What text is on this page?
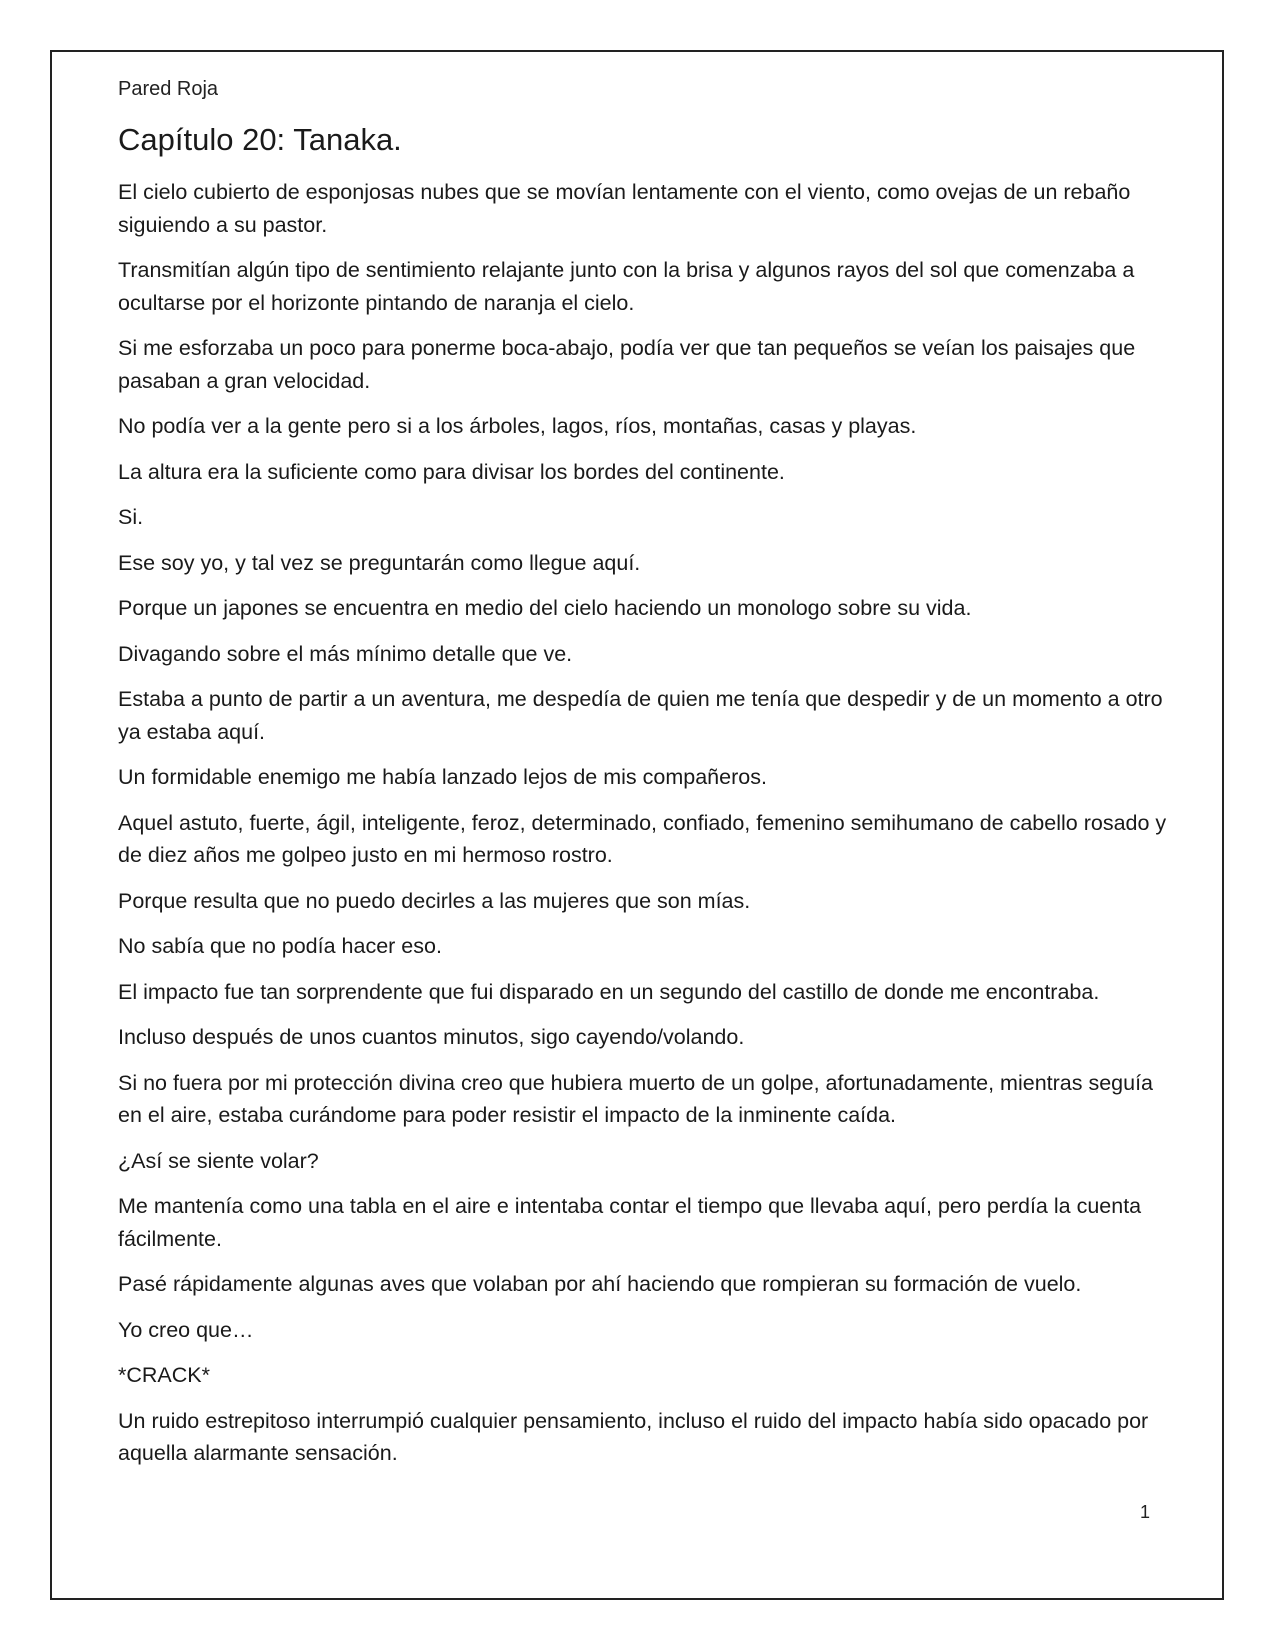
Pared Roja
Capítulo 20: Tanaka.

El cielo cubierto de esponjosas nubes que se movían lentamente con el viento, como ovejas de un rebaño siguiendo a su pastor.

Transmitían algún tipo de sentimiento relajante junto con la brisa y algunos rayos del sol que comenzaba a ocultarse por el horizonte pintando de naranja el cielo.

Si me esforzaba un poco para ponerme boca-abajo, podía ver que tan pequeños se veían los paisajes que pasaban a gran velocidad.

No podía ver a la gente pero si a los árboles, lagos, ríos, montañas, casas y playas.

La altura era la suficiente como para divisar los bordes del continente.

Si.

Ese soy yo, y tal vez se preguntarán como llegue aquí.

Porque un japones se encuentra en medio del cielo haciendo un monologo sobre su vida.

Divagando sobre el más mínimo detalle que ve.

Estaba a punto de partir a un aventura, me despedía de quien me tenía que despedir y de un momento a otro ya estaba aquí.

Un formidable enemigo me había lanzado lejos de mis compañeros.

Aquel astuto, fuerte, ágil, inteligente, feroz, determinado, confiado, femenino semihumano de cabello rosado y de diez años me golpeo justo en mi hermoso rostro.

Porque resulta que no puedo decirles a las mujeres que son mías.

No sabía que no podía hacer eso.

El impacto fue tan sorprendente que fui disparado en un segundo del castillo de donde me encontraba.

Incluso después de unos cuantos minutos, sigo cayendo/volando.

Si no fuera por mi protección divina creo que hubiera muerto de un golpe, afortunadamente, mientras seguía en el aire, estaba curándome para poder resistir el impacto de la inminente caída.

¿Así se siente volar?

Me mantenía como una tabla en el aire e intentaba contar el tiempo que llevaba aquí, pero perdía la cuenta fácilmente.

Pasé rápidamente algunas aves que volaban por ahí haciendo que rompieran su formación de vuelo.

Yo creo que…

*CRACK*

Un ruido estrepitoso interrumpió cualquier pensamiento, incluso el ruido del impacto había sido opacado por aquella alarmante sensación.

1
